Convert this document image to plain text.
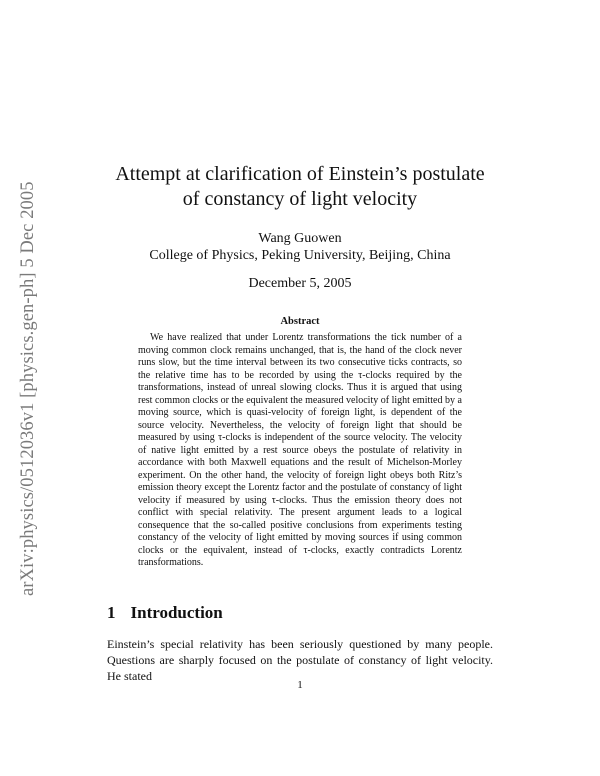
arXiv:physics/0512036v1 [physics.gen-ph] 5 Dec 2005
Attempt at clarification of Einstein’s postulate
of constancy of light velocity
Wang Guowen
College of Physics, Peking University, Beijing, China
December 5, 2005
Abstract

We have realized that under Lorentz transformations the tick number of a moving common clock remains unchanged, that is, the hand of the clock never runs slow, but the time interval between its two consecutive ticks contracts, so the relative time has to be recorded by using the τ-clocks required by the transformations, instead of unreal slowing clocks. Thus it is argued that using rest common clocks or the equivalent the measured velocity of light emitted by a moving source, which is quasi-velocity of foreign light, is dependent of the source velocity. Nevertheless, the velocity of foreign light that should be measured by using τ-clocks is independent of the source velocity. The velocity of native light emitted by a rest source obeys the postulate of relativity in accordance with both Maxwell equations and the result of Michelson-Morley experiment. On the other hand, the velocity of foreign light obeys both Ritz’s emission theory except the Lorentz factor and the postulate of constancy of light velocity if measured by using τ-clocks. Thus the emission theory does not conflict with special relativity. The present argument leads to a logical consequence that the so-called positive conclusions from experiments testing constancy of the velocity of light emitted by moving sources if using common clocks or the equivalent, instead of τ-clocks, exactly contradicts Lorentz transformations.

1 Introduction

Einstein’s special relativity has been seriously questioned by many people. Questions are sharply focused on the postulate of constancy of light velocity. He stated

1
